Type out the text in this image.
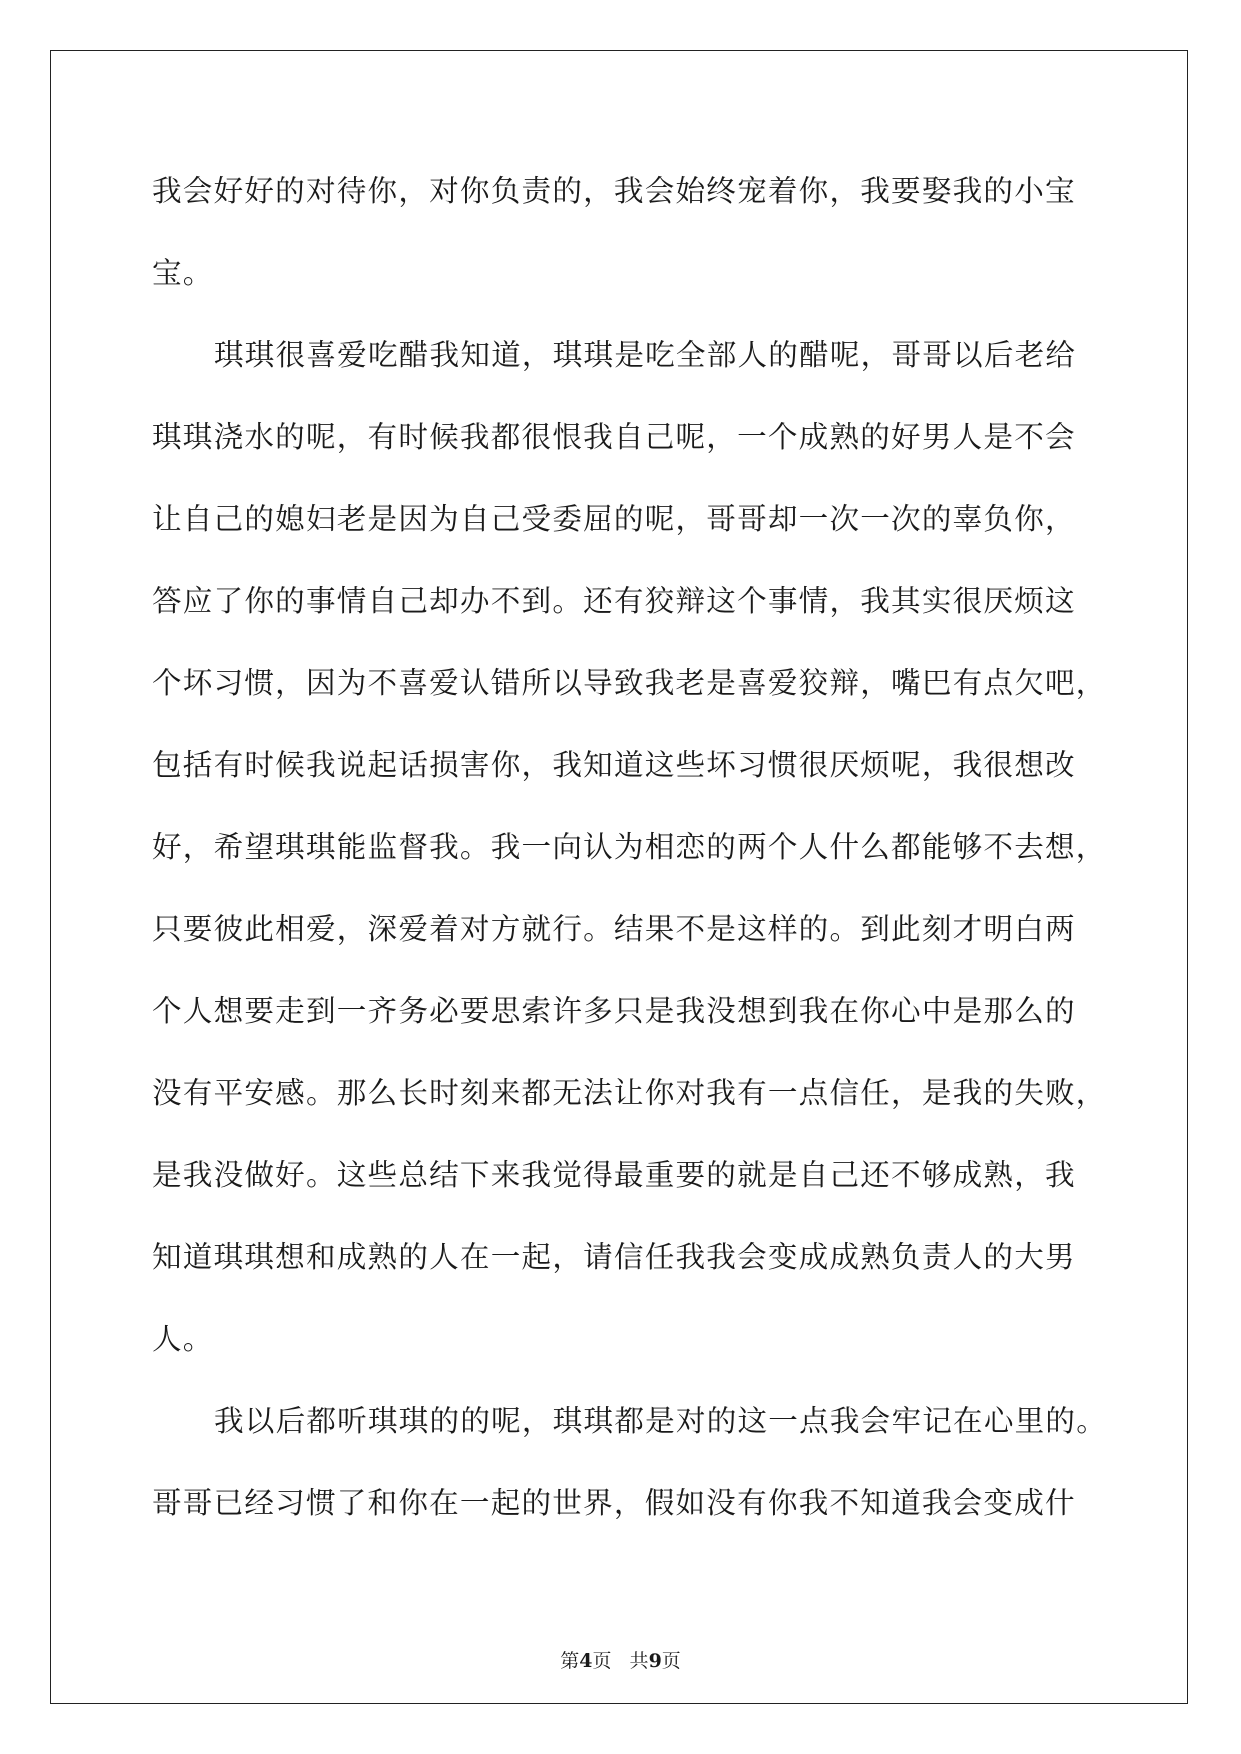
我会好好的对待你，对你负责的，我会始终宠着你，我要娶我的小宝
宝。
琪琪很喜爱吃醋我知道，琪琪是吃全部人的醋呢，哥哥以后老给
琪琪浇水的呢，有时候我都很恨我自己呢，一个成熟的好男人是不会
让自己的媳妇老是因为自己受委屈的呢，哥哥却一次一次的辜负你，
答应了你的事情自己却办不到。还有狡辩这个事情，我其实很厌烦这
个坏习惯，因为不喜爱认错所以导致我老是喜爱狡辩，嘴巴有点欠吧，
包括有时候我说起话损害你，我知道这些坏习惯很厌烦呢，我很想改
好，希望琪琪能监督我。我一向认为相恋的两个人什么都能够不去想，
只要彼此相爱，深爱着对方就行。结果不是这样的。到此刻才明白两
个人想要走到一齐务必要思索许多只是我没想到我在你心中是那么的
没有平安感。那么长时刻来都无法让你对我有一点信任，是我的失败，
是我没做好。这些总结下来我觉得最重要的就是自己还不够成熟，我
知道琪琪想和成熟的人在一起，请信任我我会变成成熟负责人的大男
人。
我以后都听琪琪的的呢，琪琪都是对的这一点我会牢记在心里的。
哥哥已经习惯了和你在一起的世界，假如没有你我不知道我会变成什
第4页   共9页
